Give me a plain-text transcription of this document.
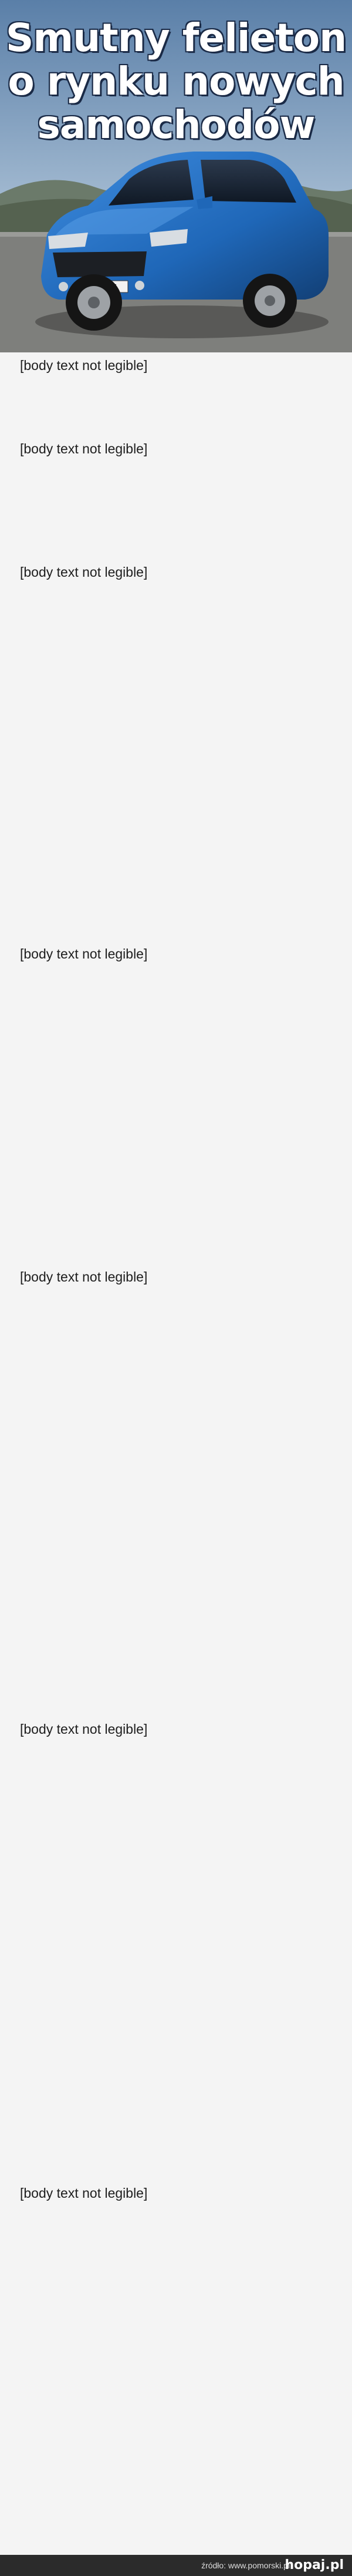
Smutny felieton o rynku nowych samochodów

[body text not legible]

[body text not legible]

[body text not legible]

[body text not legible]

[body text not legible]

[body text not legible]

[body text not legible]

źródło: www.pomorski.pl

hopaj.pl
